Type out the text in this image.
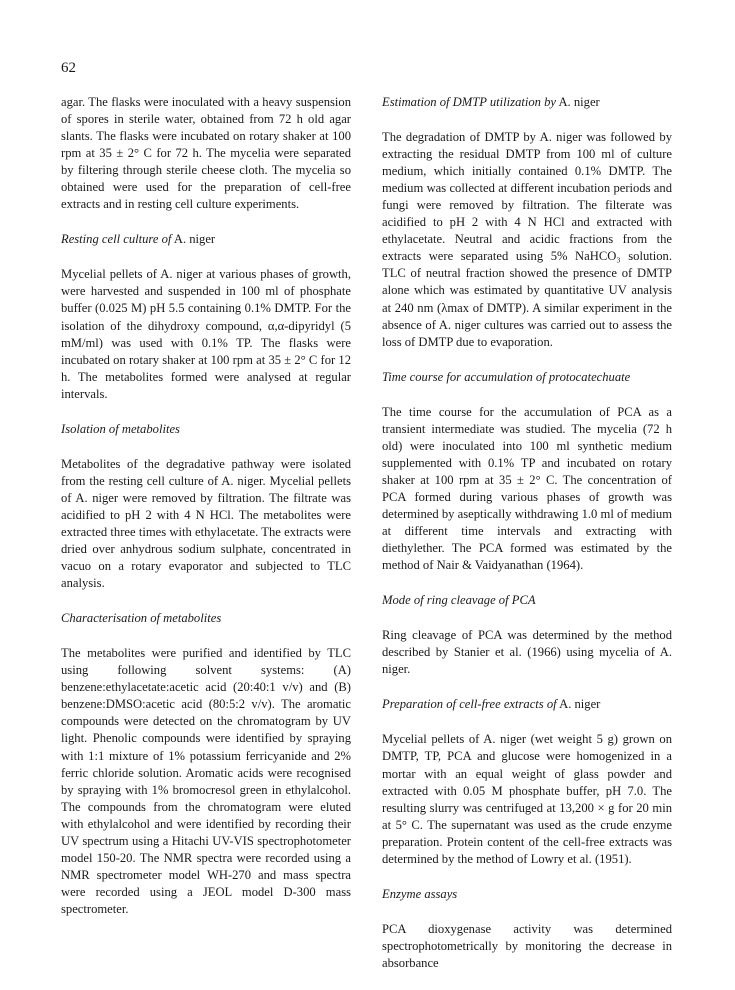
62

agar. The flasks were inoculated with a heavy suspension of spores in sterile water, obtained from 72 h old agar slants. The flasks were incubated on rotary shaker at 100 rpm at 35 ± 2° C for 72 h. The mycelia were separated by filtering through sterile cheese cloth. The mycelia so obtained were used for the preparation of cell-free extracts and in resting cell culture experiments.

Resting cell culture of A. niger

Mycelial pellets of A. niger at various phases of growth, were harvested and suspended in 100 ml of phosphate buffer (0.025 M) pH 5.5 containing 0.1% DMTP. For the isolation of the dihydroxy compound, α,α-dipyridyl (5 mM/ml) was used with 0.1% TP. The flasks were incubated on rotary shaker at 100 rpm at 35 ± 2° C for 12 h. The metabolites formed were analysed at regular intervals.

Isolation of metabolites

Metabolites of the degradative pathway were isolated from the resting cell culture of A. niger. Mycelial pellets of A. niger were removed by filtration. The filtrate was acidified to pH 2 with 4 N HCl. The metabolites were extracted three times with ethylacetate. The extracts were dried over anhydrous sodium sulphate, concentrated in vacuo on a rotary evaporator and subjected to TLC analysis.

Characterisation of metabolites

The metabolites were purified and identified by TLC using following solvent systems: (A) benzene:ethylacetate:acetic acid (20:40:1 v/v) and (B) benzene:DMSO:acetic acid (80:5:2 v/v). The aromatic compounds were detected on the chromatogram by UV light. Phenolic compounds were identified by spraying with 1:1 mixture of 1% potassium ferricyanide and 2% ferric chloride solution. Aromatic acids were recognised by spraying with 1% bromocresol green in ethylalcohol. The compounds from the chromatogram were eluted with ethylalcohol and were identified by recording their UV spectrum using a Hitachi UV-VIS spectrophotometer model 150-20. The NMR spectra were recorded using a NMR spectrometer model WH-270 and mass spectra were recorded using a JEOL model D-300 mass spectrometer.

Estimation of DMTP utilization by A. niger

The degradation of DMTP by A. niger was followed by extracting the residual DMTP from 100 ml of culture medium, which initially contained 0.1% DMTP. The medium was collected at different incubation periods and fungi were removed by filtration. The filterate was acidified to pH 2 with 4 N HCl and extracted with ethylacetate. Neutral and acidic fractions from the extracts were separated using 5% NaHCO₃ solution. TLC of neutral fraction showed the presence of DMTP alone which was estimated by quantitative UV analysis at 240 nm (λmax of DMTP). A similar experiment in the absence of A. niger cultures was carried out to assess the loss of DMTP due to evaporation.

Time course for accumulation of protocatechuate

The time course for the accumulation of PCA as a transient intermediate was studied. The mycelia (72 h old) were inoculated into 100 ml synthetic medium supplemented with 0.1% TP and incubated on rotary shaker at 100 rpm at 35 ± 2° C. The concentration of PCA formed during various phases of growth was determined by aseptically withdrawing 1.0 ml of medium at different time intervals and extracting with diethylether. The PCA formed was estimated by the method of Nair & Vaidyanathan (1964).

Mode of ring cleavage of PCA

Ring cleavage of PCA was determined by the method described by Stanier et al. (1966) using mycelia of A. niger.

Preparation of cell-free extracts of A. niger

Mycelial pellets of A. niger (wet weight 5 g) grown on DMTP, TP, PCA and glucose were homogenized in a mortar with an equal weight of glass powder and extracted with 0.05 M phosphate buffer, pH 7.0. The resulting slurry was centrifuged at 13,200 × g for 20 min at 5° C. The supernatant was used as the crude enzyme preparation. Protein content of the cell-free extracts was determined by the method of Lowry et al. (1951).

Enzyme assays

PCA dioxygenase activity was determined spectrophotometrically by monitoring the decrease in absorbance
